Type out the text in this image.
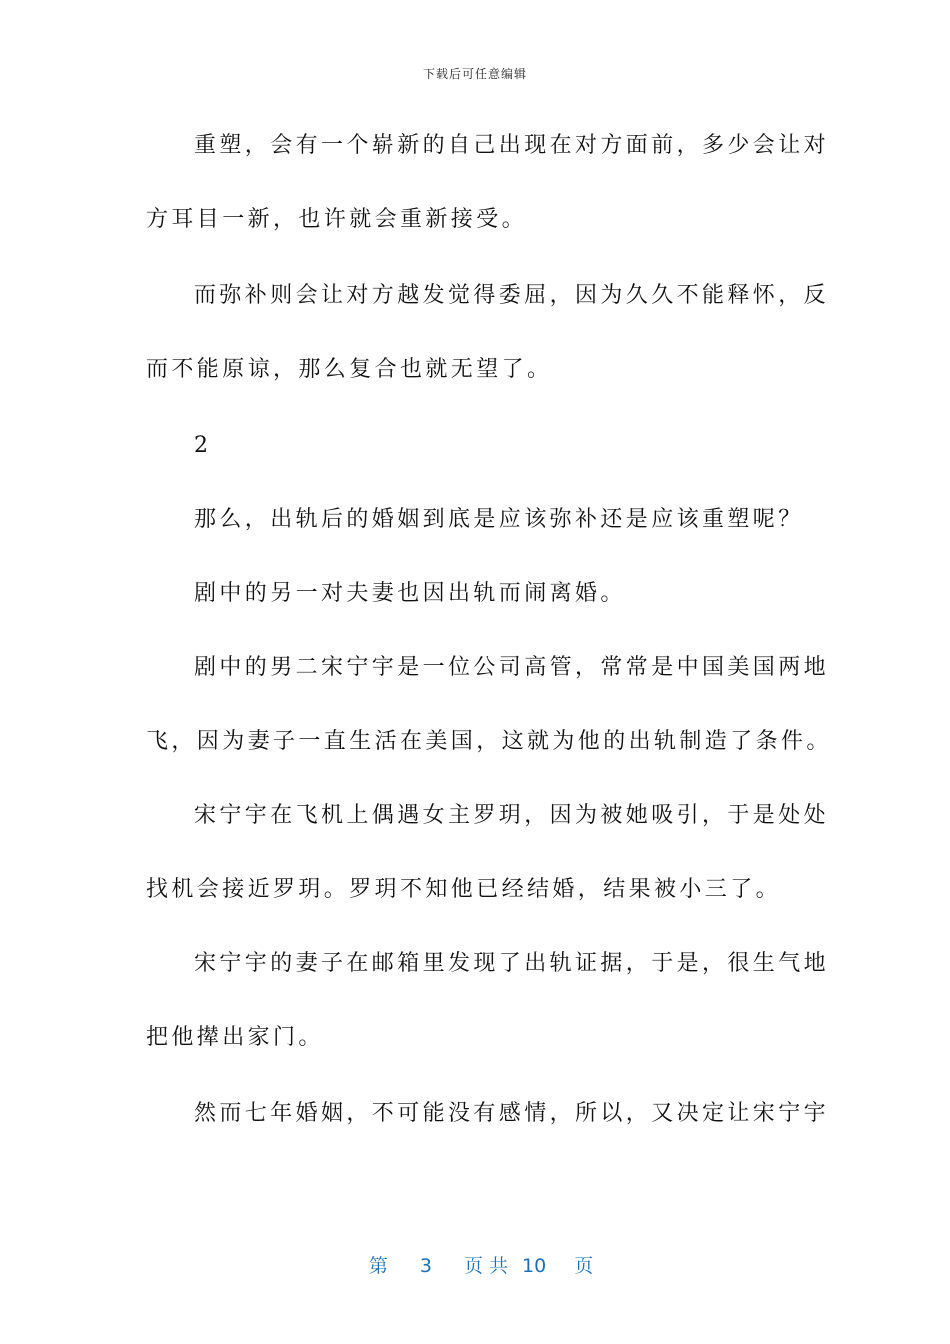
下载后可任意编辑
重塑，会有一个崭新的自己出现在对方面前，多少会让对
方耳目一新，也许就会重新接受。
而弥补则会让对方越发觉得委屈，因为久久不能释怀，反
而不能原谅，那么复合也就无望了。
2
那么，出轨后的婚姻到底是应该弥补还是应该重塑呢？
剧中的另一对夫妻也因出轨而闹离婚。
剧中的男二宋宁宇是一位公司高管，常常是中国美国两地
飞，因为妻子一直生活在美国，这就为他的出轨制造了条件。
宋宁宇在飞机上偶遇女主罗玥，因为被她吸引，于是处处
找机会接近罗玥。罗玥不知他已经结婚，结果被小三了。
宋宁宇的妻子在邮箱里发现了出轨证据，于是，很生气地
把他撵出家门。
然而七年婚姻，不可能没有感情，所以，又决定让宋宁宇

第 3 页 共 10 页
